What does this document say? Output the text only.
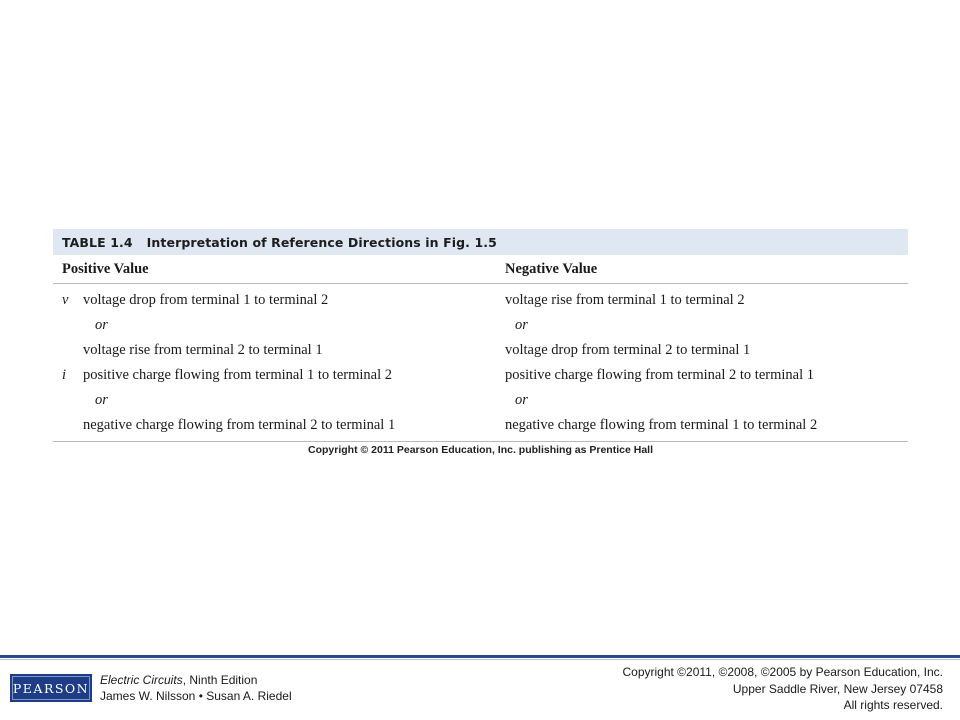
TABLE 1.4 Interpretation of Reference Directions in Fig. 1.5
Positive Value	Negative Value
v voltage drop from terminal 1 to terminal 2	voltage rise from terminal 1 to terminal 2
or	or
voltage rise from terminal 2 to terminal 1	voltage drop from terminal 2 to terminal 1
i positive charge flowing from terminal 1 to terminal 2	positive charge flowing from terminal 2 to terminal 1
or	or
negative charge flowing from terminal 2 to terminal 1	negative charge flowing from terminal 1 to terminal 2
Copyright © 2011 Pearson Education, Inc. publishing as Prentice Hall
PEARSON
Electric Circuits, Ninth Edition
James W. Nilsson • Susan A. Riedel
Copyright ©2011, ©2008, ©2005 by Pearson Education, Inc.
Upper Saddle River, New Jersey 07458
All rights reserved.
